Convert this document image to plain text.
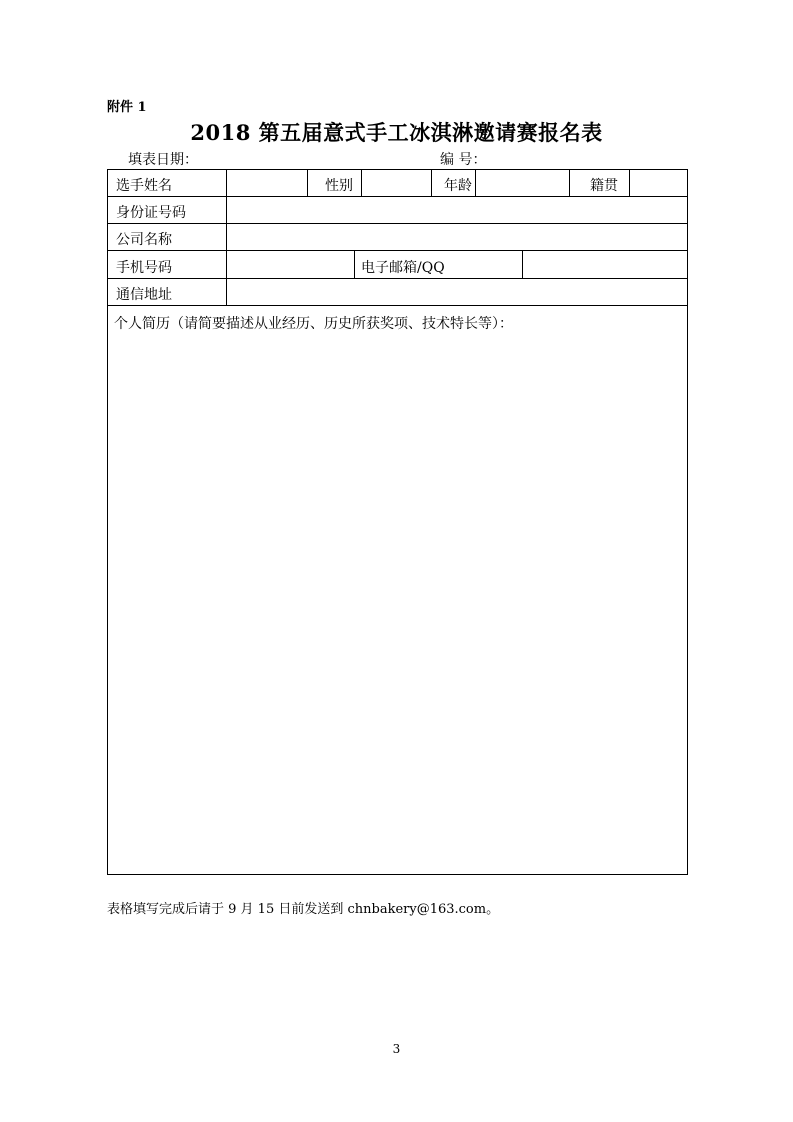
附件 1
2018 第五届意式手工冰淇淋邀请赛报名表
填表日期：	编 号：
选手姓名	性别	年龄	籍贯
身份证号码
公司名称
手机号码	电子邮箱/QQ
通信地址
个人简历（请简要描述从业经历、历史所获奖项、技术特长等）：
表格填写完成后请于 9 月 15 日前发送到 chnbakery@163.com。
3
